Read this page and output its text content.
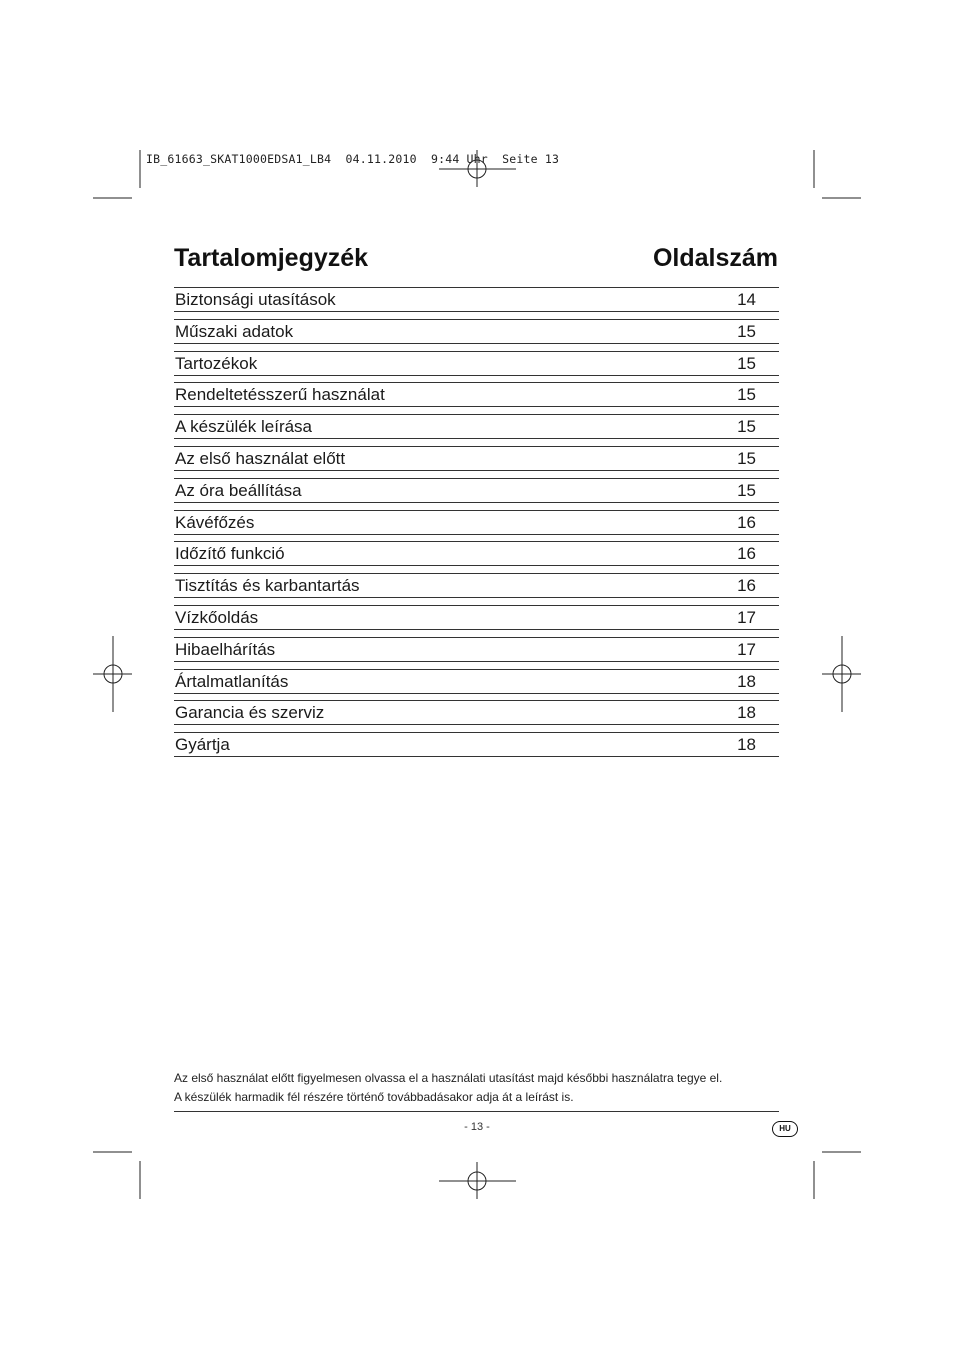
IB_61663_SKAT1000EDSA1_LB4  04.11.2010  9:44 Uhr  Seite 13
Tartalomjegyzék	Oldalszám
Biztonsági utasítások	14
Műszaki adatok	15
Tartozékok	15
Rendeltetésszerű használat	15
A készülék leírása	15
Az első használat előtt	15
Az óra beállítása	15
Kávéfőzés	16
Időzítő funkció	16
Tisztítás és karbantartás	16
Vízkőoldás	17
Hibaelhárítás	17
Ártalmatlanítás	18
Garancia és szerviz	18
Gyártja	18
Az első használat előtt figyelmesen olvassa el a használati utasítást majd későbbi használatra tegye el.
A készülék harmadik fél részére történő továbbadásakor adja át a leírást is.
- 13 -	HU
